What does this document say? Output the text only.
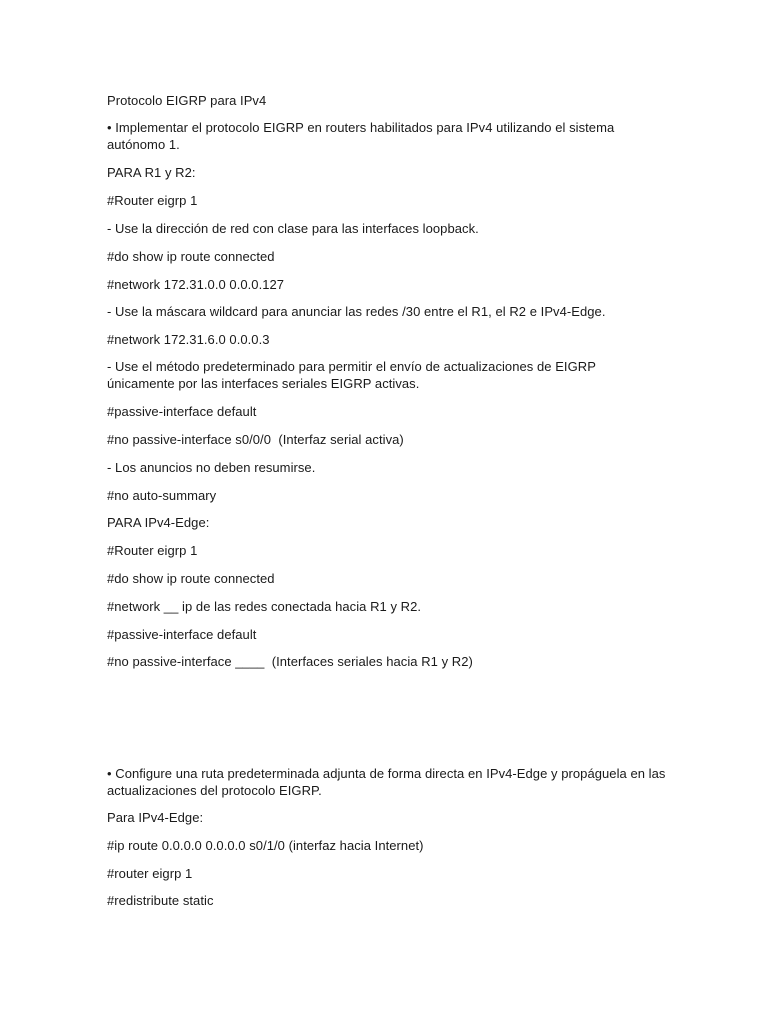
Protocolo EIGRP para IPv4
• Implementar el protocolo EIGRP en routers habilitados para IPv4 utilizando el sistema autónomo 1.
PARA R1 y R2:
#Router eigrp 1
- Use la dirección de red con clase para las interfaces loopback.
#do show ip route connected
#network 172.31.0.0 0.0.0.127
- Use la máscara wildcard para anunciar las redes /30 entre el R1, el R2 e IPv4-Edge.
#network 172.31.6.0 0.0.0.3
- Use el método predeterminado para permitir el envío de actualizaciones de EIGRP únicamente por las interfaces seriales EIGRP activas.
#passive-interface default
#no passive-interface s0/0/0  (Interfaz serial activa)
- Los anuncios no deben resumirse.
#no auto-summary
PARA IPv4-Edge:
#Router eigrp 1
#do show ip route connected
#network __ ip de las redes conectada hacia R1 y R2.
#passive-interface default
#no passive-interface ____  (Interfaces seriales hacia R1 y R2)
• Configure una ruta predeterminada adjunta de forma directa en IPv4-Edge y propáguela en las actualizaciones del protocolo EIGRP.
Para IPv4-Edge:
#ip route 0.0.0.0 0.0.0.0 s0/1/0 (interfaz hacia Internet)
#router eigrp 1
#redistribute static
